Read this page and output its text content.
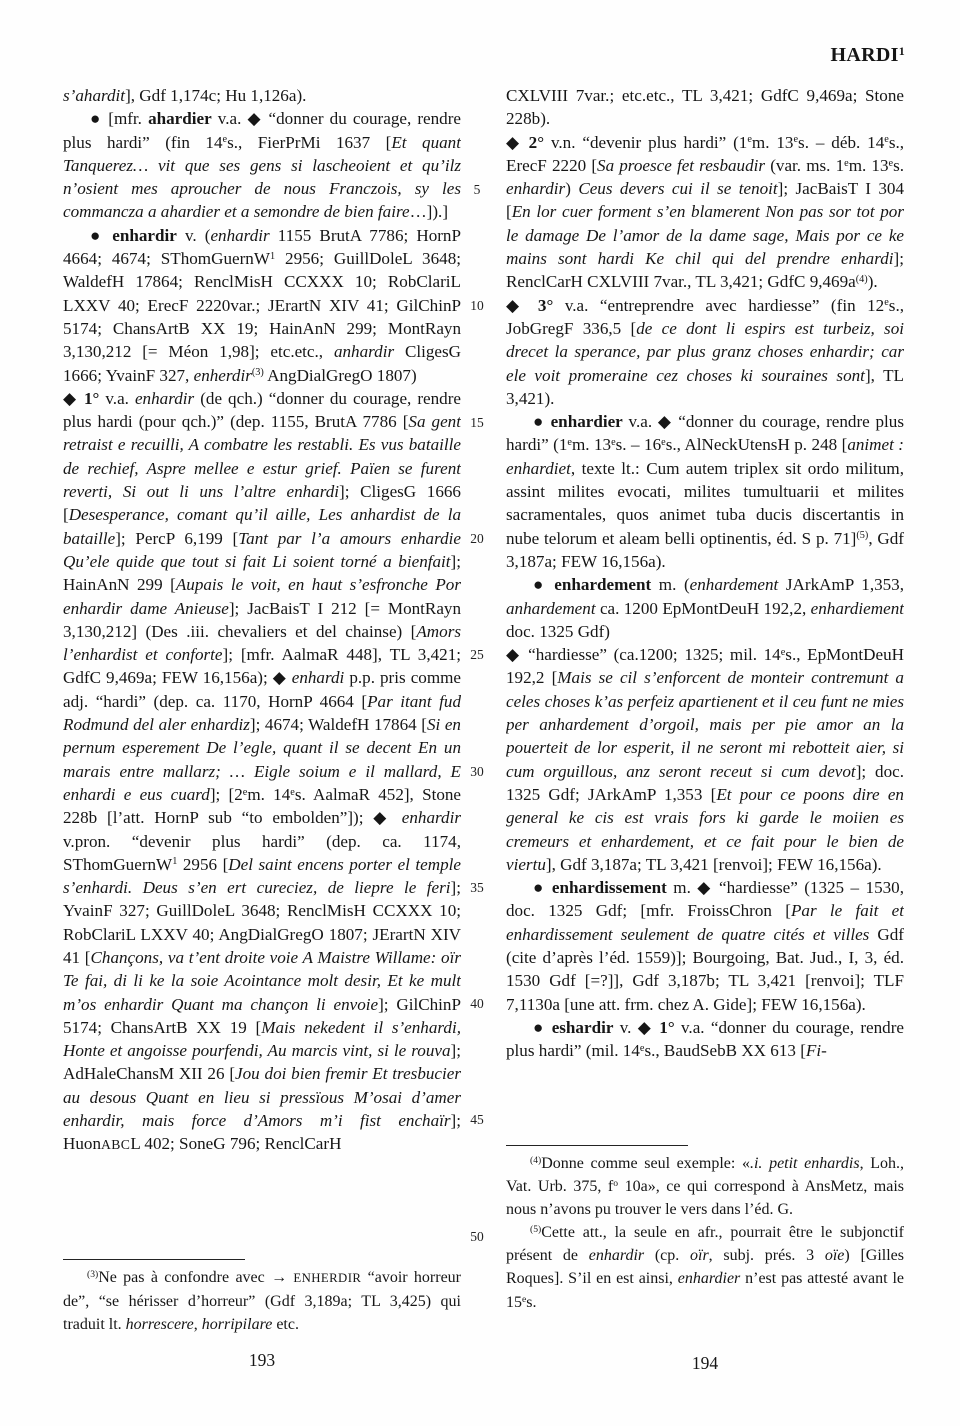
HARDI$^1$

s’ahardit], Gdf 1,174c; Hu 1,126a).

● [mfr. ahardier v.a. ◆ “donner du courage, rendre plus hardi” (fin 14es., FierPrMi 1637 [Et quant Tanquerez… vit que ses gens si lascheoient et qu’ilz n’osient mes aproucher de nous Franczois, sy les commancza a ahardier et a semondre de bien faire…]).]

● enhardir v. (enhardir 1155 BrutA 7786; HornP 4664; 4674; SThomGuernW$^1$ 2956; GuillDoleL 3648; WaldefH 17864; RenclMisH CCXXX 10; RobClariL LXXV 40; ErecF 2220var.; JErartN XIV 41; GilChinP 5174; ChansArtB XX 19; HainAnN 299; MontRayn 3,130,212 [= Méon 1,98]; etc.etc., anhardir CligesG 1666; YvainF 327, enherdir$^{(3)}$ AngDialGregO 1807)

◆ 1° v.a. enhardir (de qch.) “donner du courage, rendre plus hardi (pour qch.)” (dep. 1155, BrutA 7786 [Sa gent retraist e recuilli, A combatre les restabli. Es vus bataille de rechief, Aspre mellee e estur grief. Païen se furent reverti, Si out li uns l’altre enhardi]; CligesG 1666 [Desesperance, comant qu’il aille, Les anhardist de la bataille]; PercP 6,199 [Tant par l’a amours enhardie Qu’ele quide que tout si fait Li soient torné a bienfait]; HainAnN 299 [Aupais le voit, en haut s’esfronche Por enhardir dame Anieuse]; JacBaisT I 212 [= MontRayn 3,130,212] (Des .iii. chevaliers et del chainse) [Amors l’enhardist et conforte]; [mfr. AalmaR 448], TL 3,421; GdfC 9,469a; FEW 16,156a); ◆ enhardi p.p. pris comme adj. “hardi” (dep. ca. 1170, HornP 4664 [Par itant fud Rodmund del aler enhardiz]; 4674; WaldefH 17864 [Si en pernum esperement De l’egle, quant il se decent En un marais entre mallarz; … Eigle soium e il mallard, E enhardi e eus cuard]; [2em. 14es. AalmaR 452], Stone 228b [l’att. HornP sub “to embolden”]); ◆ enhardir v.pron. “devenir plus hardi” (dep. ca. 1174, SThomGuernW$^1$ 2956 [Del saint encens porter el temple s’enhardi. Deus s’en ert cureciez, de liepre le feri]; YvainF 327; GuillDoleL 3648; RenclMisH CCXXX 10; RobClariL LXXV 40; AngDialGregO 1807; JErartN XIV 41 [Chançons, va t’ent droite voie A Maistre Willame: oïr Te fai, di li ke la soie Acointance molt desir, Et ke mult m’os enhardir Quant ma chançon li envoie]; GilChinP 5174; ChansArtB XX 19 [Mais nekedent il s’enhardi, Honte et angoisse pourfendi, Au marcis vint, si le rouva]; AdHaleChansM XII 26 [Jou doi bien fremir Et tresbucier au desous Quant en lieu si pressïous M’osai d’amer enhardir, mais force d’Amors m’i fist enchaïr]; HuonABCL 402; SoneG 796; RenclCarH

5
10
15
20
25
30
35
40
45
50

CXLVIII 7var.; etc.etc., TL 3,421; GdfC 9,469a; Stone 228b).

◆ 2° v.n. “devenir plus hardi” (1em. 13es. – déb. 14es., ErecF 2220 [Sa proesce fet resbaudir (var. ms. 1em. 13es. enhardir) Ceus devers cui il se tenoit]; JacBaisT I 304 [En lor cuer forment s’en blamerent Non pas sor tot por le damage De l’amor de la dame sage, Mais por ce ke mains sont hardi Ke chil qui del prendre enhardi]; RenclCarH CXLVIII 7var., TL 3,421; GdfC $9,469a^{(4)}$).

◆ 3° v.a. “entreprendre avec hardiesse” (fin 12es., JobGregF 336,5 [de ce dont li espirs est turbeiz, soi drecet la sperance, par plus granz choses enhardir; car ele voit promeraine cez choses ki souraines sont], TL 3,421).

● enhardier v.a. ◆ “donner du courage, rendre plus hardi” (1em. 13es. – 16es., AlNeckUtensH p. 248 [animet : enhardiet, texte lt.: Cum autem triplex sit ordo militum, assint milites evocati, milites tumultuarii et milites sacramentales, quos animet tuba ducis discertantis in nube telorum et aleam belli optinentis, éd. S p. 71]$^{(5)}$, Gdf 3,187a; FEW 16,156a).

● enhardement m. (enhardement JArkAmP 1,353, anhardement ca. 1200 EpMontDeuH 192,2, enhardiement doc. 1325 Gdf)

◆ “hardiesse” (ca.1200; 1325; mil. 14es., EpMontDeuH 192,2 [Mais se cil s’enforcent de monteir contremunt a celes choses k’as perfeiz apartienent et il ceu funt ne mies per anhardement d’orgoil, mais per pie amor an la pouerteit de lor esperit, il ne seront mi rebotteit aier, si cum orguillous, anz seront receut si cum devot]; doc. 1325 Gdf; JArkAmP 1,353 [Et pour ce poons dire en general ke cis est vrais fors ki garde le moiien es cremeurs et enhardement, et ce fait pour le bien de viertu], Gdf 3,187a; TL 3,421 [renvoi]; FEW 16,156a).

● enhardissement m. ◆ “hardiesse” (1325 – 1530, doc. 1325 Gdf; [mfr. FroissChron [Par le fait et enhardissement seulement de quatre cités et villes Gdf (cite d’après l’éd. 1559)]; Bourgoing, Bat. Jud., I, 3, éd. 1530 Gdf [=?]], Gdf 3,187b; TL 3,421 [renvoi]; TLF 7,1130a [une att. frm. chez A. Gide]; FEW 16,156a).

● eshardir v. ◆ 1° v.a. “donner du courage, rendre plus hardi” (mil. 14es., BaudSebB XX 613 [Fi-

$^{(3)}$Ne pas à confondre avec → ENHERDIR “avoir horreur de”, “se hérisser d’horreur” (Gdf 3,189a; TL 3,425) qui traduit lt. horrescere, horripilare etc.

$^{(4)}$Donne comme seul exemple: «.i. petit enhardis, Loh., Vat. Urb. 375, $f^o$ 10a», ce qui correspond à AnsMetz, mais nous n’avons pu trouver le vers dans l’éd. G.

$^{(5)}$Cette att., la seule en afr., pourrait être le subjonctif présent de enhardir (cp. oïr, subj. prés. 3 oïe) [Gilles Roques]. S’il en est ainsi, enhardier n’est pas attesté avant le 15es.

193	194
